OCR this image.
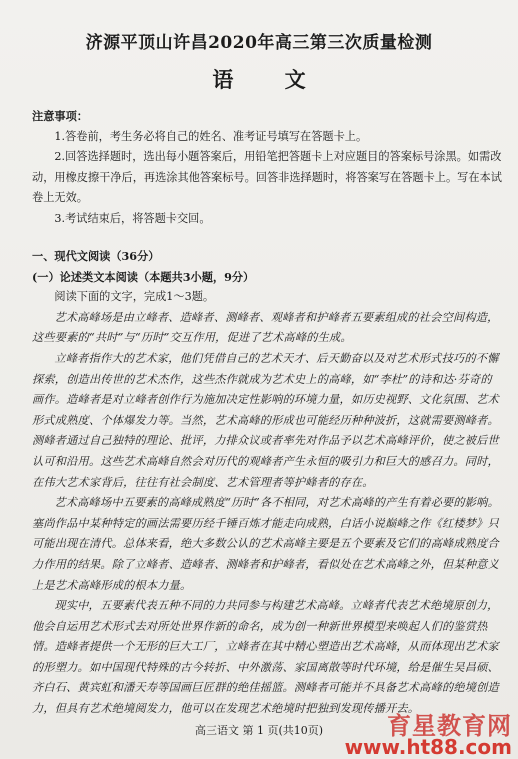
济源平顶山许昌2020年高三第三次质量检测
语 文

注意事项：

1.答卷前，考生务必将自己的姓名、准考证号填写在答题卡上。

2.回答选择题时，选出每小题答案后，用铅笔把答题卡上对应题目的答案标号涂黑。如需改动，用橡皮擦干净后，再选涂其他答案标号。回答非选择题时，将答案写在答题卡上。写在本试卷上无效。

3.考试结束后，将答题卡交回。

一、现代文阅读（36分）

(一）论述类文本阅读（本题共3小题，9分）

阅读下面的文字，完成1～3题。

艺术高峰场是由立峰者、造峰者、测峰者、观峰者和护峰者五要素组成的社会空间构造，这些要素的“共时”与“历时”交互作用，促进了艺术高峰的生成。

立峰者指作大的艺术家，他们凭借自己的艺术天才、后天勤奋以及对艺术形式技巧的不懈探索，创造出传世的艺术杰作，这些杰作就成为艺术史上的高峰，如“李杜”的诗和达·芬奇的画作。造峰者是对立峰者创作行为施加决定性影响的环境力量，如历史视野、文化氛围、艺术形式成熟度、个体爆发力等。当然，艺术高峰的形成也可能经历种种波折，这就需要测峰者。测峰者通过自己独特的理论、批评，力排众议或者率先对作品予以艺术高峰评价，使之被后世认可和沿用。这些艺术高峰自然会对历代的观峰者产生永恒的吸引力和巨大的感召力。同时，在伟大艺术家背后，往往有社会制度、艺术管理者等护峰者的存在。

艺术高峰场中五要素的高峰成熟度“历时”各不相同，对艺术高峰的产生有着必要的影响。塞尚作品中某种特定的画法需要历经千锤百炼才能走向成熟，白话小说巅峰之作《红楼梦》只可能出现在清代。总体来看，绝大多数公认的艺术高峰主要是五个要素及它们的高峰成熟度合力作用的结果。除了立峰者、造峰者、测峰者和护峰者，看似处在艺术高峰之外，但某种意义上是艺术高峰形成的根本力量。

现实中，五要素代表五种不同的力共同参与构建艺术高峰。立峰者代表艺术绝境原创力，他会自运用艺术形式去对所处世界作新的命名，成为创一种新世界模型来唤起人们的鉴赏热情。造峰者提供一个无形的巨大工厂，立峰者在其中精心塑造出艺术高峰，从而体现出艺术家的形塑力。如中国现代特殊的古今转折、中外激荡、家国离散等时代环境，给是催生吴昌硕、齐白石、黄宾虹和潘天寿等国画巨匠群的绝佳摇篮。测峰者可能并不具备艺术高峰的绝境创造力，但具有艺术绝境阅发力，他可以在发现艺术绝境时把独到发现传播开去。

高三语文 第 1 页(共10页)	育星教育网
www.ht88.com
